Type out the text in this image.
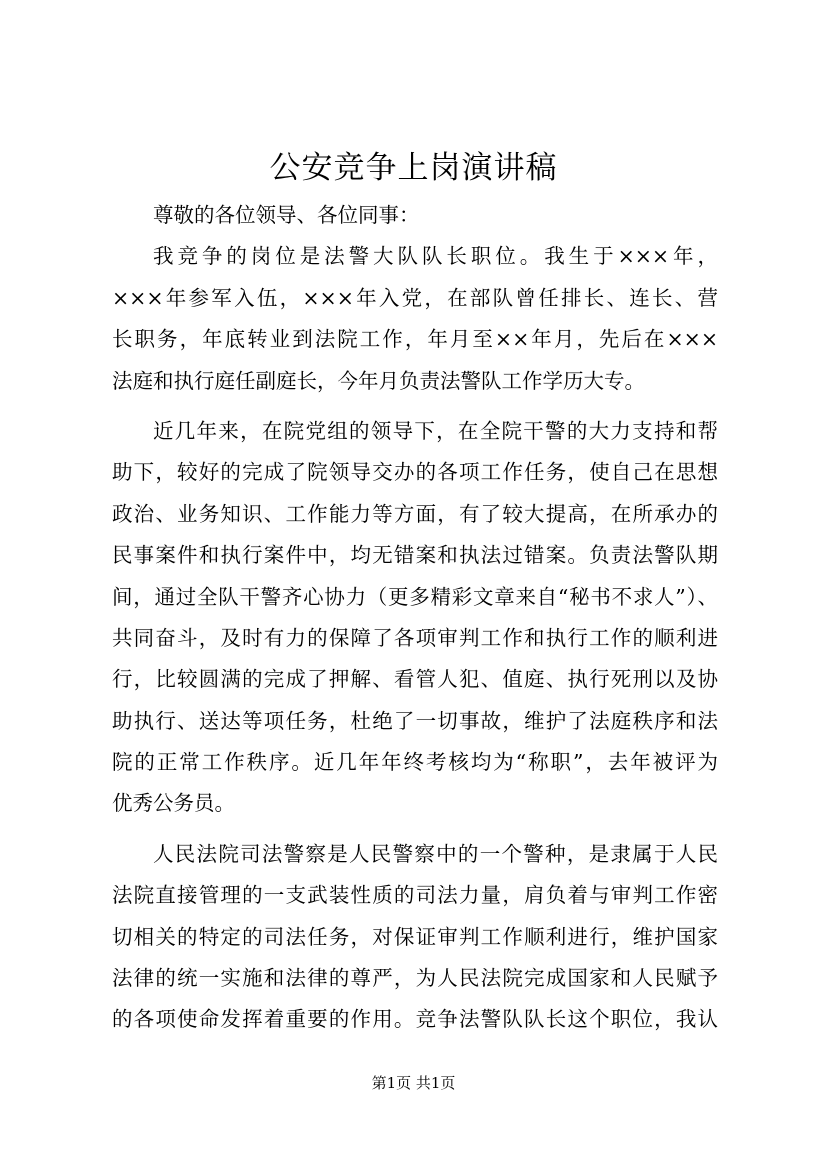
公安竞争上岗演讲稿
尊敬的各位领导、各位同事：
我竞争的岗位是法警大队队长职位。我生于×××年，
×××年参军入伍，×××年入党，在部队曾任排长、连长、营
长职务，年底转业到法院工作，年月至××年月，先后在×××
法庭和执行庭任副庭长，今年月负责法警队工作学历大专。
近几年来，在院党组的领导下，在全院干警的大力支持和帮
助下，较好的完成了院领导交办的各项工作任务，使自己在思想
政治、业务知识、工作能力等方面，有了较大提高，在所承办的
民事案件和执行案件中，均无错案和执法过错案。负责法警队期
间，通过全队干警齐心协力（更多精彩文章来自“秘书不求人”）、
共同奋斗，及时有力的保障了各项审判工作和执行工作的顺利进
行，比较圆满的完成了押解、看管人犯、值庭、执行死刑以及协
助执行、送达等项任务，杜绝了一切事故，维护了法庭秩序和法
院的正常工作秩序。近几年年终考核均为“称职”，去年被评为
优秀公务员。
人民法院司法警察是人民警察中的一个警种，是隶属于人民
法院直接管理的一支武装性质的司法力量，肩负着与审判工作密
切相关的特定的司法任务，对保证审判工作顺利进行，维护国家
法律的统一实施和法律的尊严，为人民法院完成国家和人民赋予
的各项使命发挥着重要的作用。竞争法警队队长这个职位，我认
第1页 共1页
